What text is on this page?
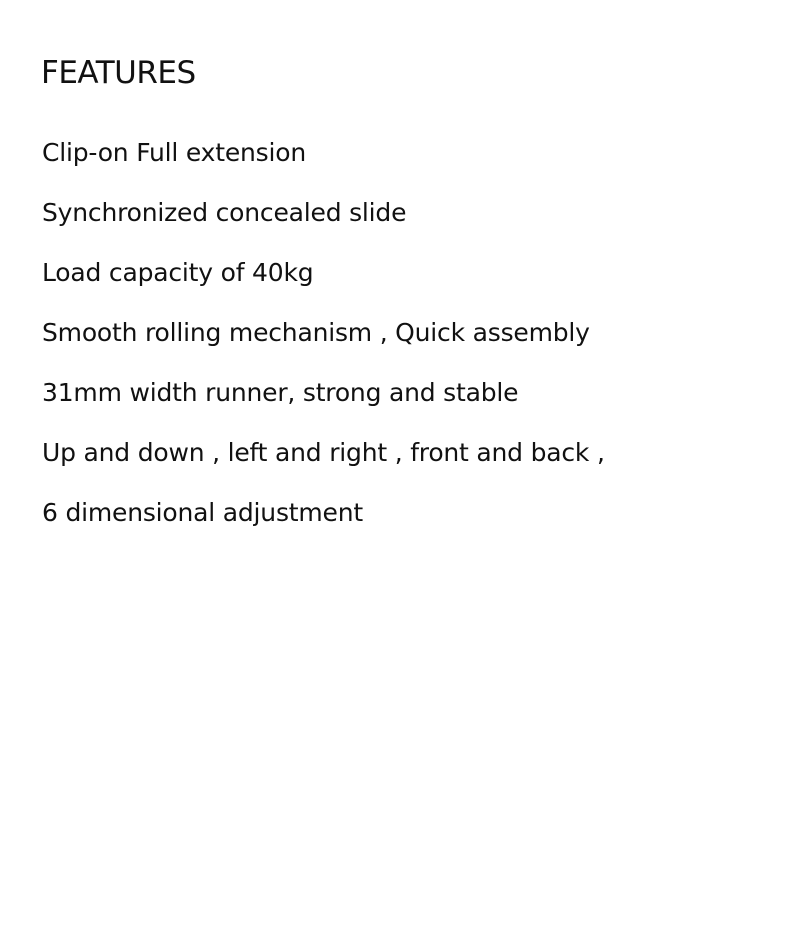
FEATURES
Clip-on Full extension
Synchronized concealed slide
Load capacity of 40kg
Smooth rolling mechanism , Quick assembly
31mm width runner, strong and stable
Up and down , left and right , front and back ,
6 dimensional adjustment
